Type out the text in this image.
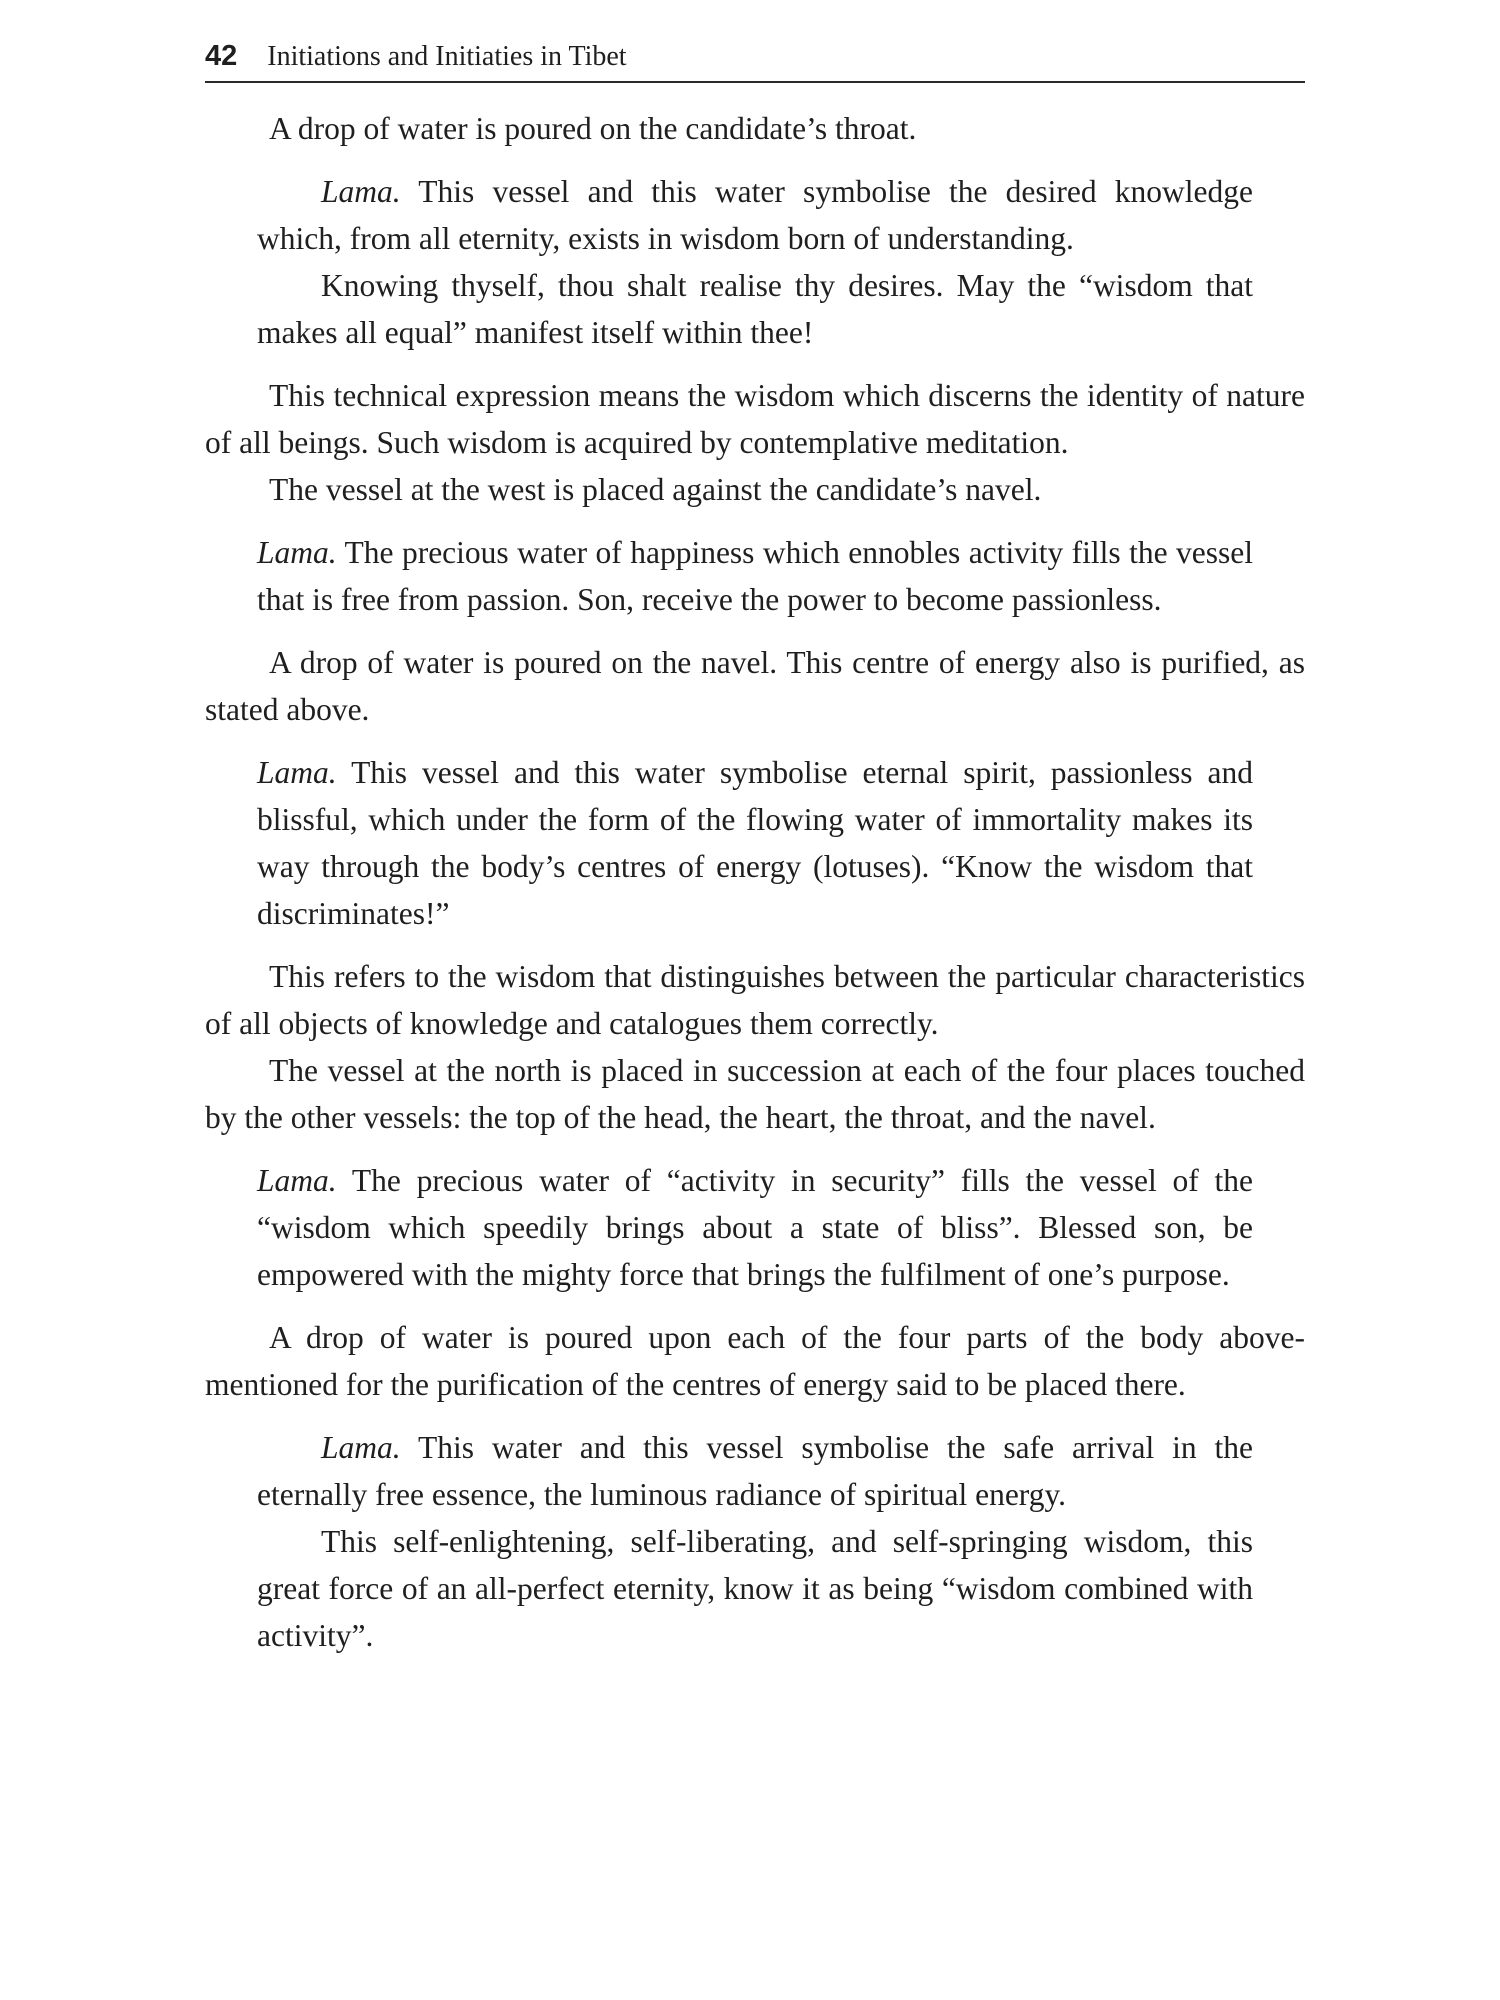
42 Initiations and Initiaties in Tibet

A drop of water is poured on the candidate’s throat.

Lama. This vessel and this water symbolise the desired knowledge which, from all eternity, exists in wisdom born of understanding.

Knowing thyself, thou shalt realise thy desires. May the “wisdom that makes all equal” manifest itself within thee!

This technical expression means the wisdom which discerns the identity of nature of all beings. Such wisdom is acquired by contemplative meditation.

The vessel at the west is placed against the candidate’s navel.

Lama. The precious water of happiness which ennobles activity fills the vessel that is free from passion. Son, receive the power to become passionless.

A drop of water is poured on the navel. This centre of energy also is purified, as stated above.

Lama. This vessel and this water symbolise eternal spirit, passionless and blissful, which under the form of the flowing water of immortality makes its way through the body’s centres of energy (lotuses). “Know the wisdom that discriminates!”

This refers to the wisdom that distinguishes between the particular characteristics of all objects of knowledge and catalogues them correctly.

The vessel at the north is placed in succession at each of the four places touched by the other vessels: the top of the head, the heart, the throat, and the navel.

Lama. The precious water of “activity in security” fills the vessel of the “wisdom which speedily brings about a state of bliss”. Blessed son, be empowered with the mighty force that brings the fulfilment of one’s purpose.

A drop of water is poured upon each of the four parts of the body above-mentioned for the purification of the centres of energy said to be placed there.

Lama. This water and this vessel symbolise the safe arrival in the eternally free essence, the luminous radiance of spiritual energy.

This self-enlightening, self-liberating, and self-springing wisdom, this great force of an all-perfect eternity, know it as being “wisdom combined with activity”.
